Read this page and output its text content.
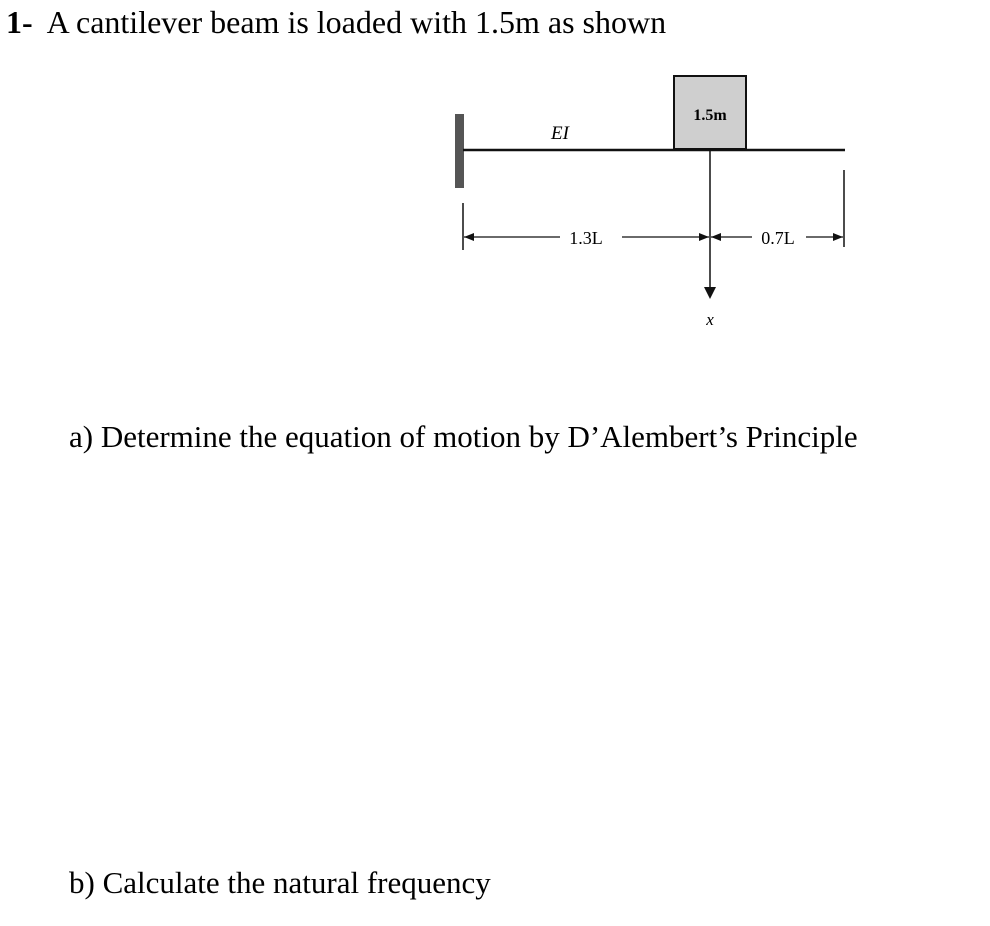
1- A cantilever beam is loaded with 1.5m as shown
EI
1.5m
x
1.3L	0.7L
a) Determine the equation of motion by D’Alembert’s Principle
b) Calculate the natural frequency
